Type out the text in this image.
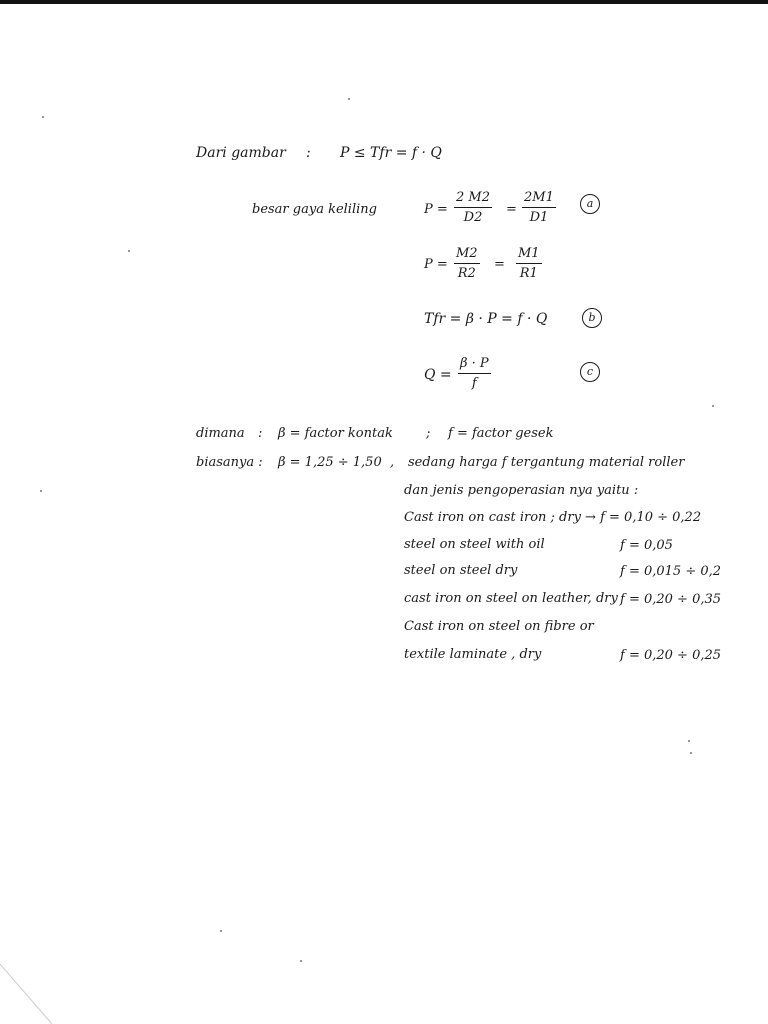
Dari gambar : P ≤ Tfr = f · Q
besar gaya keliling	$P = \frac{2 M2}{D2} = \frac{2M1}{D1}$	a
$P = \frac{M2}{R2} = \frac{M1}{R1}$
Tfr = β · P = f · Q	b
$Q = \frac{\beta \cdot P}{f}$	c
dimana : β = factor kontak	; f = factor gesek
biasanya : β = 1,25 ÷ 1,50 , sedang harga f tergantung material roller
dan jenis pengoperasian nya yaitu :
Cast iron on cast iron ; dry → f = 0,10 ÷ 0,22
steel on steel with oil	f = 0,05
steel on steel dry	f = 0,015 ÷ 0,2
cast iron on steel on leather, dry f = 0,20 ÷ 0,35
Cast iron on steel on fibre or
textile laminate , dry	f = 0,20 ÷ 0,25
